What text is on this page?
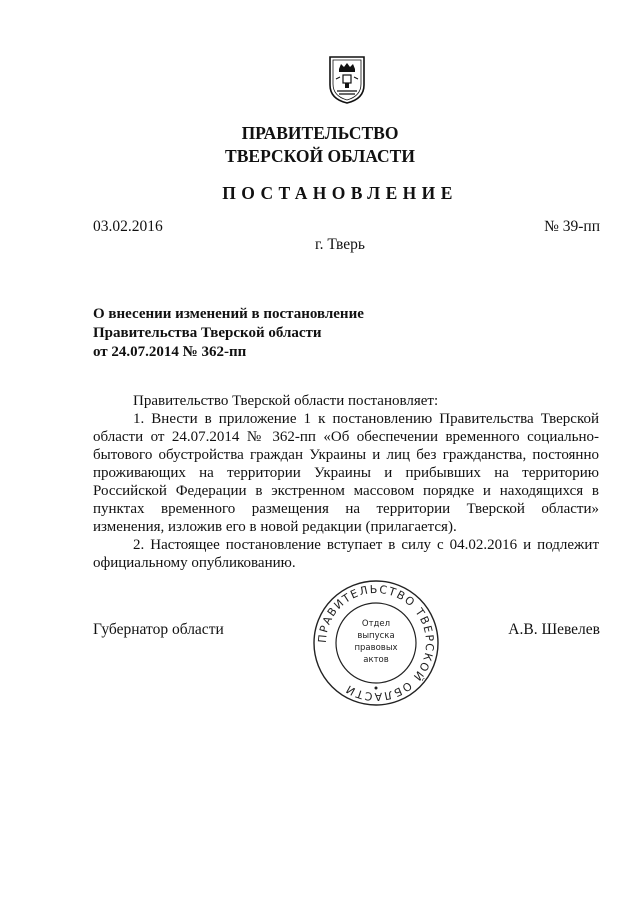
ПРАВИТЕЛЬСТВО
ТВЕРСКОЙ ОБЛАСТИ
ПОСТАНОВЛЕНИЕ
03.02.2016	№ 39-пп
г. Тверь
О внесении изменений в постановление
Правительства Тверской области
от 24.07.2014 № 362-пп
Правительство Тверской области постановляет:
1. Внести в приложение 1 к постановлению Правительства Тверской
области от 24.07.2014 № 362-пп «Об обеспечении временного социально-
бытового обустройства граждан Украины и лиц без гражданства, постоянно
проживающих на территории Украины и прибывших на территорию
Российской Федерации в экстренном массовом порядке и находящихся в
пунктах временного размещения на территории Тверской области»
изменения, изложив его в новой редакции (прилагается).
2. Настоящее постановление вступает в силу с 04.02.2016 и подлежит
официальному опубликованию.
Губернатор области	А.В. Шевелев
ПРАВИТЕЛЬСТВО ТВЕРСКОЙ ОБЛАСТИ
Отдел
выпуска
правовых
актов
